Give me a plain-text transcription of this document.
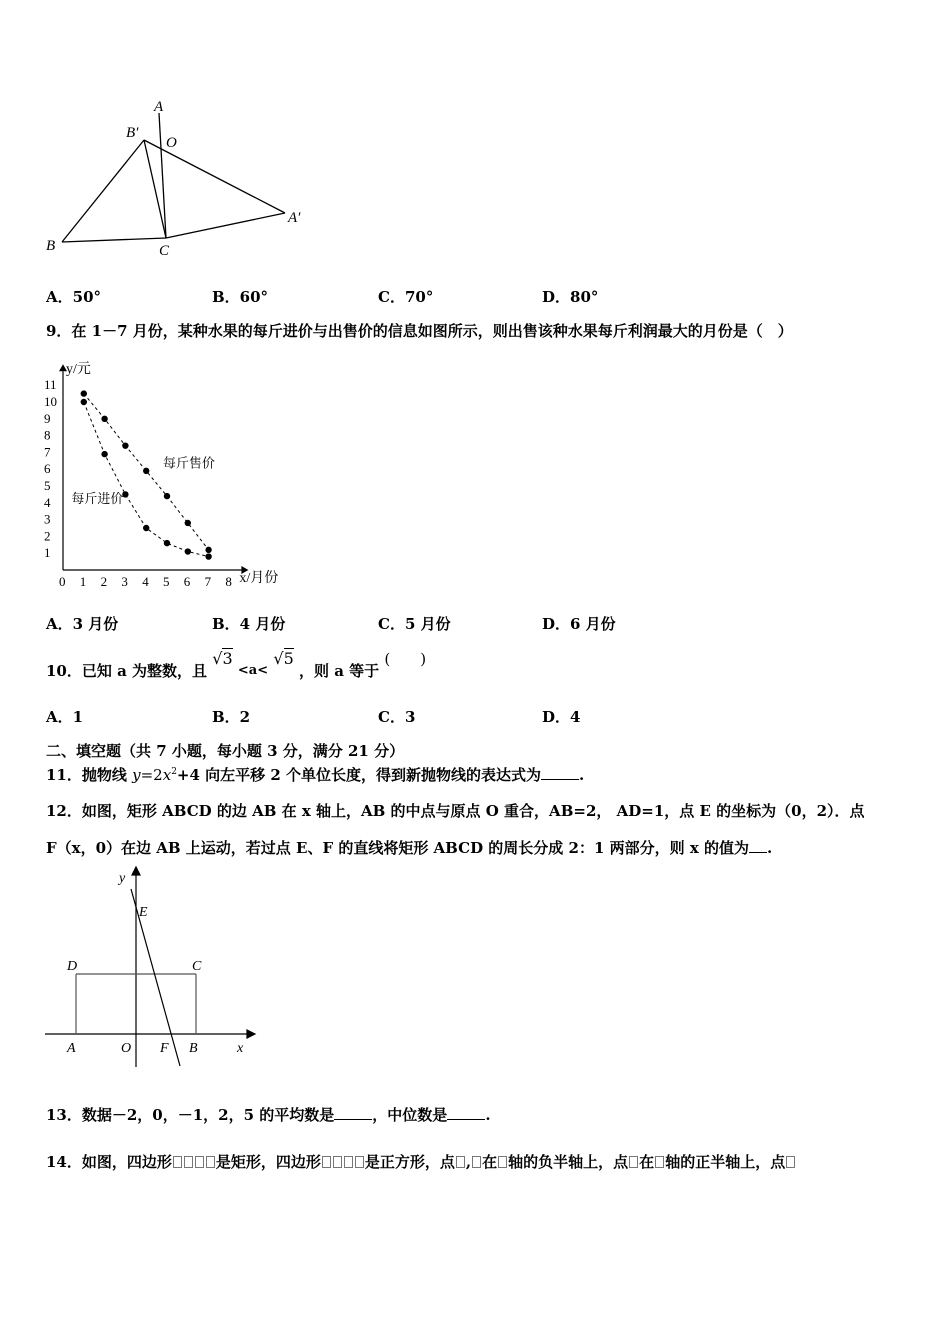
A
B′
O
A′
B	C
A．50°	B．60°	C．70°	D．80°
9．在 1－7 月份，某种水果的每斤进价与出售价的信息如图所示，则出售该种水果每斤利润最大的月份是（　）
0 1 2 3 4 5 6 7 8
1
2
3
4
5
6
7
8
9
10
11
y/元
x/月份
每斤售价
每斤进价
A．3 月份	B．4 月份	C．5 月份	D．6 月份
10．已知 a 为整数，且 √3 <a< √5 ，则 a 等于 (　　)
A．1	B．2	C．3	D．4
二、填空题（共 7 小题，每小题 3 分，满分 21 分）
11．抛物线 $y=2x^2+4$ 向左平移 2 个单位长度，得到新抛物线的表达式为	.
12．如图，矩形 ABCD 的边 AB 在 x 轴上，AB 的中点与原点 O 重合，AB=2， AD=1，点 E 的坐标为（0，2）．点
F（x，0）在边 AB 上运动，若过点 E、F 的直线将矩形 ABCD 的周长分成 2：1 两部分，则 x 的值为 .
y
E
D	C
A	O F B	x
13．数据－2，0，－1，2，5 的平均数是	，中位数是	.
14．如图，四边形	是矩形，四边形	是正方形，点 , 在 轴的负半轴上，点 在 轴的正半轴上，点
